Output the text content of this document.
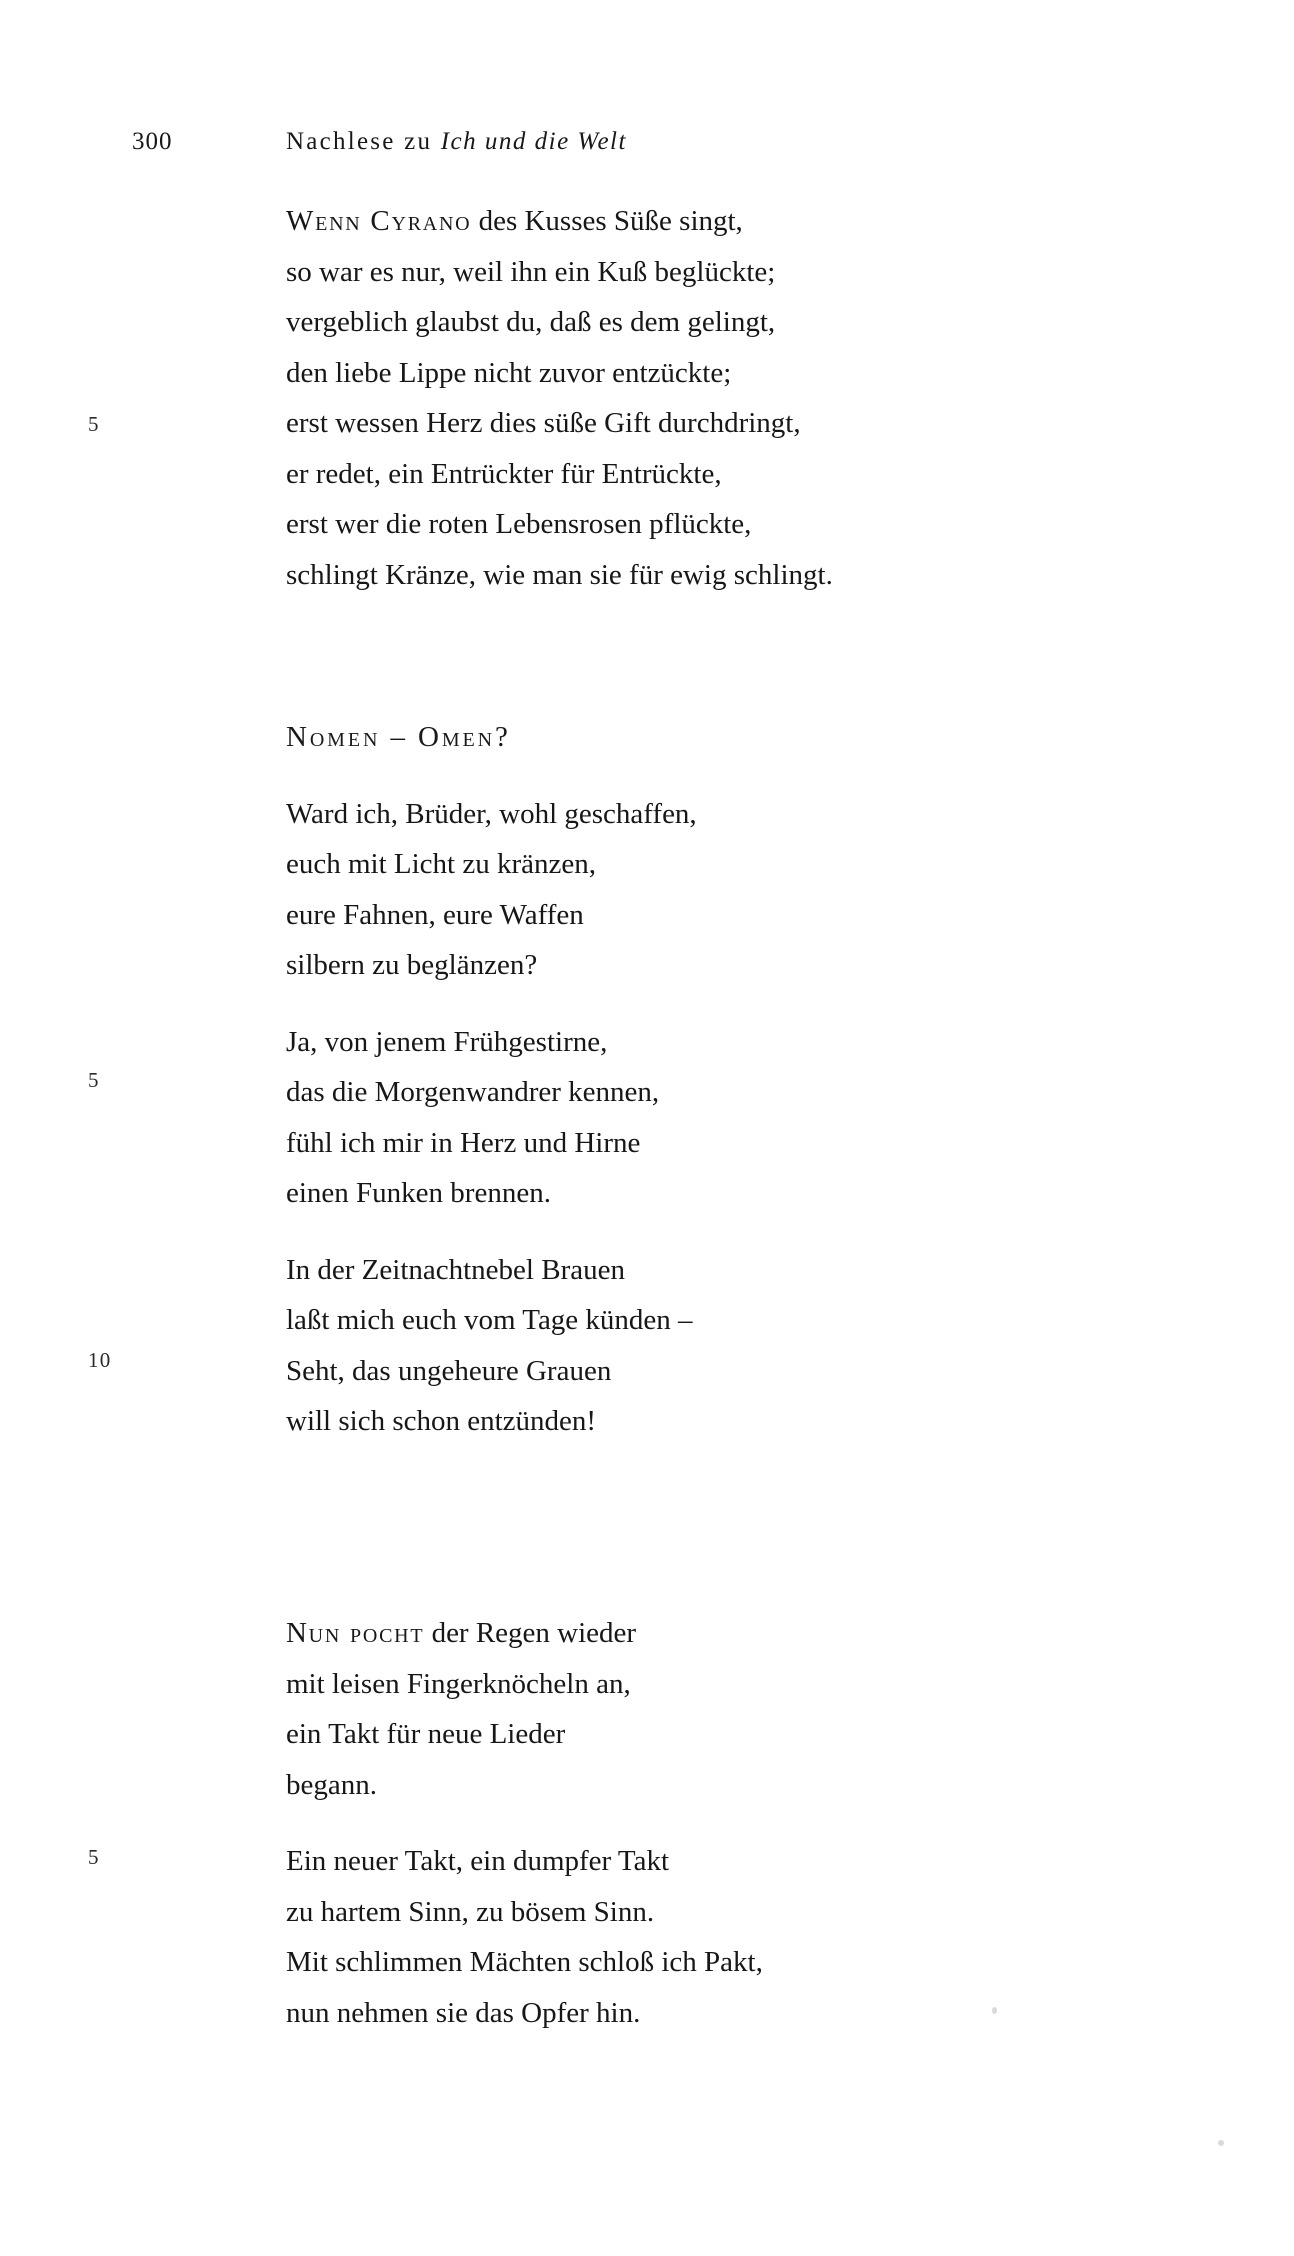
300	Nachlese zu Ich und die Welt
Wenn Cyrano des Kusses Süße singt,
so war es nur, weil ihn ein Kuß beglückte;
vergeblich glaubst du, daß es dem gelingt,
den liebe Lippe nicht zuvor entzückte;
erst wessen Herz dies süße Gift durchdringt,
er redet, ein Entrückter für Entrückte,
erst wer die roten Lebensrosen pflückte,
schlingt Kränze, wie man sie für ewig schlingt.
5
Nomen – Omen?
Ward ich, Brüder, wohl geschaffen,
euch mit Licht zu kränzen,
eure Fahnen, eure Waffen
silbern zu beglänzen?
Ja, von jenem Frühgestirne,
das die Morgenwandrer kennen,
fühl ich mir in Herz und Hirne
einen Funken brennen.
In der Zeitnachtnebel Brauen
laßt mich euch vom Tage künden –
Seht, das ungeheure Grauen
will sich schon entzünden!
5
10
Nun pocht der Regen wieder
mit leisen Fingerknöcheln an,
ein Takt für neue Lieder
begann.
Ein neuer Takt, ein dumpfer Takt
zu hartem Sinn, zu bösem Sinn.
Mit schlimmen Mächten schloß ich Pakt,
nun nehmen sie das Opfer hin.
5
